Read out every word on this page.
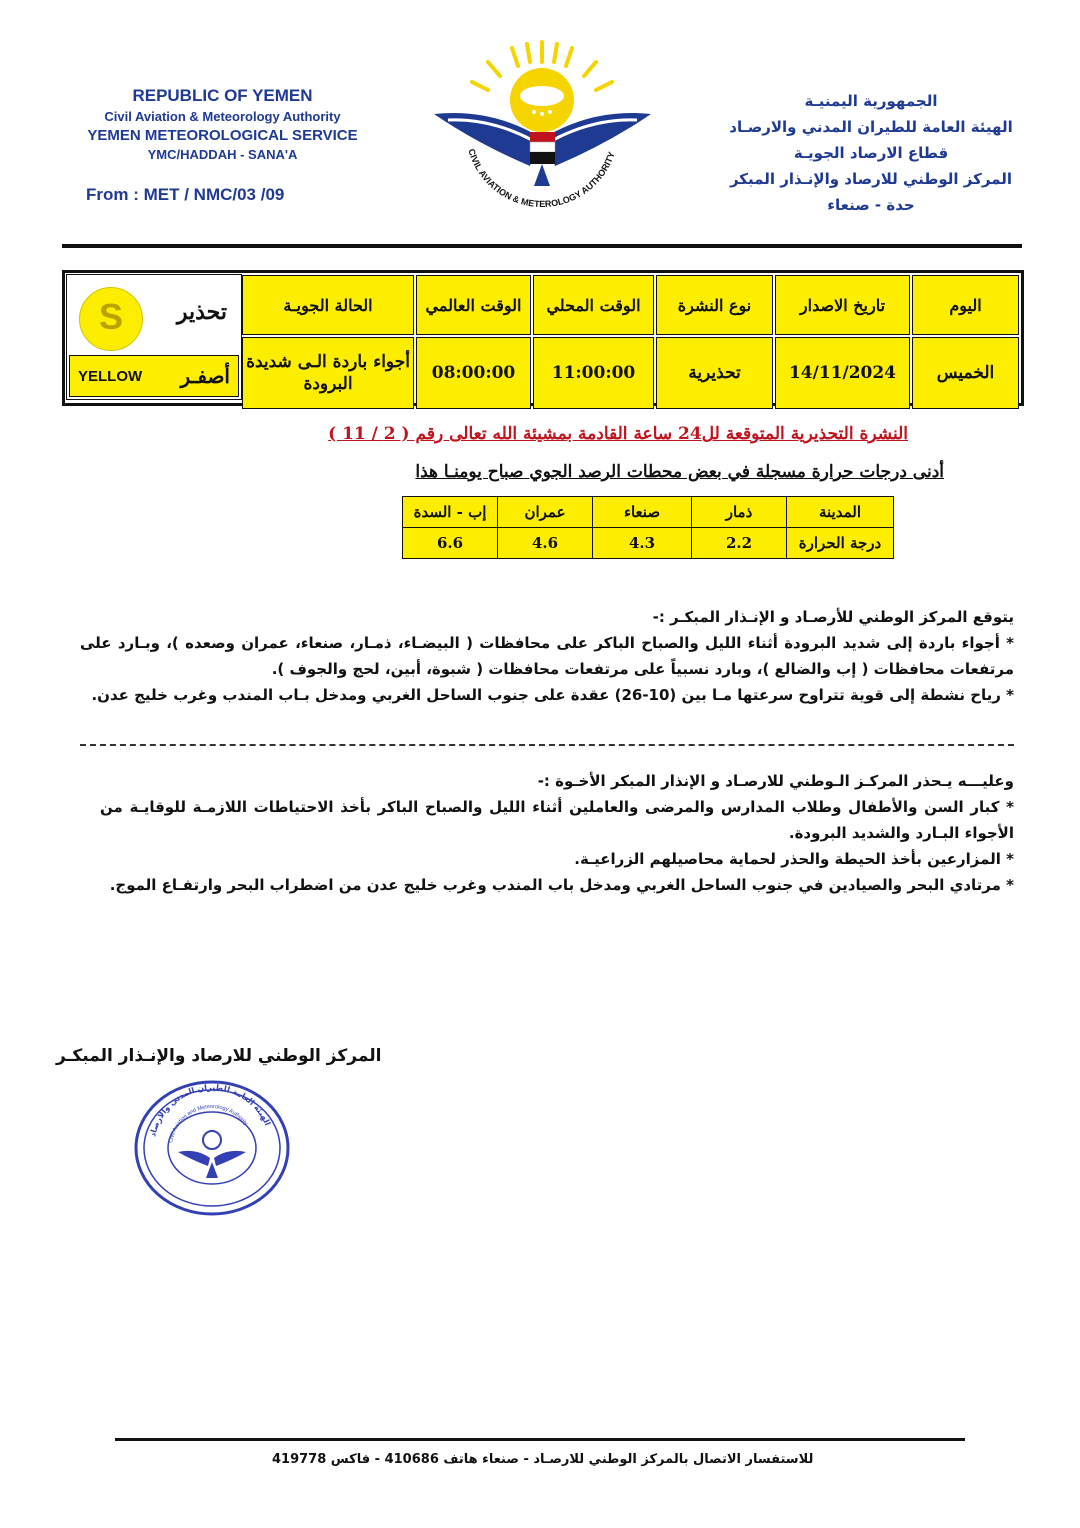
REPUBLIC OF YEMEN
Civil Aviation & Meteorology Authority
YEMEN METEOROLOGICAL SERVICE
YMC/HADDAH - SANA'A
From : MET / NMC/03 /09
CIVIL AVIATION & METEROLOGY AUTHORITY
الجمهورية اليمنيـة
الهيئة العامة للطيران المدني والارصـاد
قطاع الارصاد الجويـة
المركز الوطني للارصاد والإنـذار المبكر
حدة - صنعاء
اليوم	تاريخ الاصدار	نوع النشرة	الوقت المحلي	الوقت العالمي	الحالة الجويـة
الخميس	14/11/2024	تحذيرية	11:00:00	08:00:00	أجواء باردة الـى شديدة البرودة
S	تحذير
YELLOW أصفـر
النشرة التحذيرية المتوقعة لل24 ساعة القادمة بمشيئة الله تعالى رقم ( 2 / 11 )
أدنى درجات حرارة مسجلة في بعض محطات الرصد الجوي صباح يومنـا هذا
المدينة	ذمار	صنعاء	عمران	إب - السدة
درجة الحرارة	2.2	4.3	4.6	6.6
يتوقع المركز الوطني للأرصـاد و الإنـذار المبكـر :-
* أجواء باردة إلى شديد البرودة أثناء الليل والصباح الباكر على محافظات ( البيضـاء، ذمـار، صنعاء، عمران وصعده )، وبـارد على مرتفعات محافظات ( إب والضالع )، وبارد نسبياً على مرتفعات محافظات ( شبوة، أبين، لحج والجوف ).
* رياح نشطة إلى قوية تتراوح سرعتها مـا بين (10-26) عقدة على جنوب الساحل الغربي ومدخل بـاب المندب وغرب خليج عدن.
وعليـــه يـحذر المركـز الـوطني للارصـاد و الإنذار المبكر الأخـوة :-
* كبار السن والأطفال وطلاب المدارس والمرضى والعاملين أثناء الليل والصباح الباكر بأخذ الاحتياطات اللازمـة للوقايـة من الأجواء البـارد والشديد البرودة.
* المزارعين بأخذ الحيطة والحذر لحماية محاصيلهم الزراعيـة.
* مرتادي البحر والصيادين في جنوب الساحل الغربي ومدخل باب المندب وغرب خليج عدن من اضطراب البحر وارتفـاع الموج.
المركز الوطني للارصاد والإنـذار المبكـر
الهيئة العامة للطيران المدني والارصاد
Civil Aviation and Meteorology Authority
للاستفسار الاتصال بالمركز الوطني للارصـاد - صنعاء هاتف 410686 - فاكس 419778
